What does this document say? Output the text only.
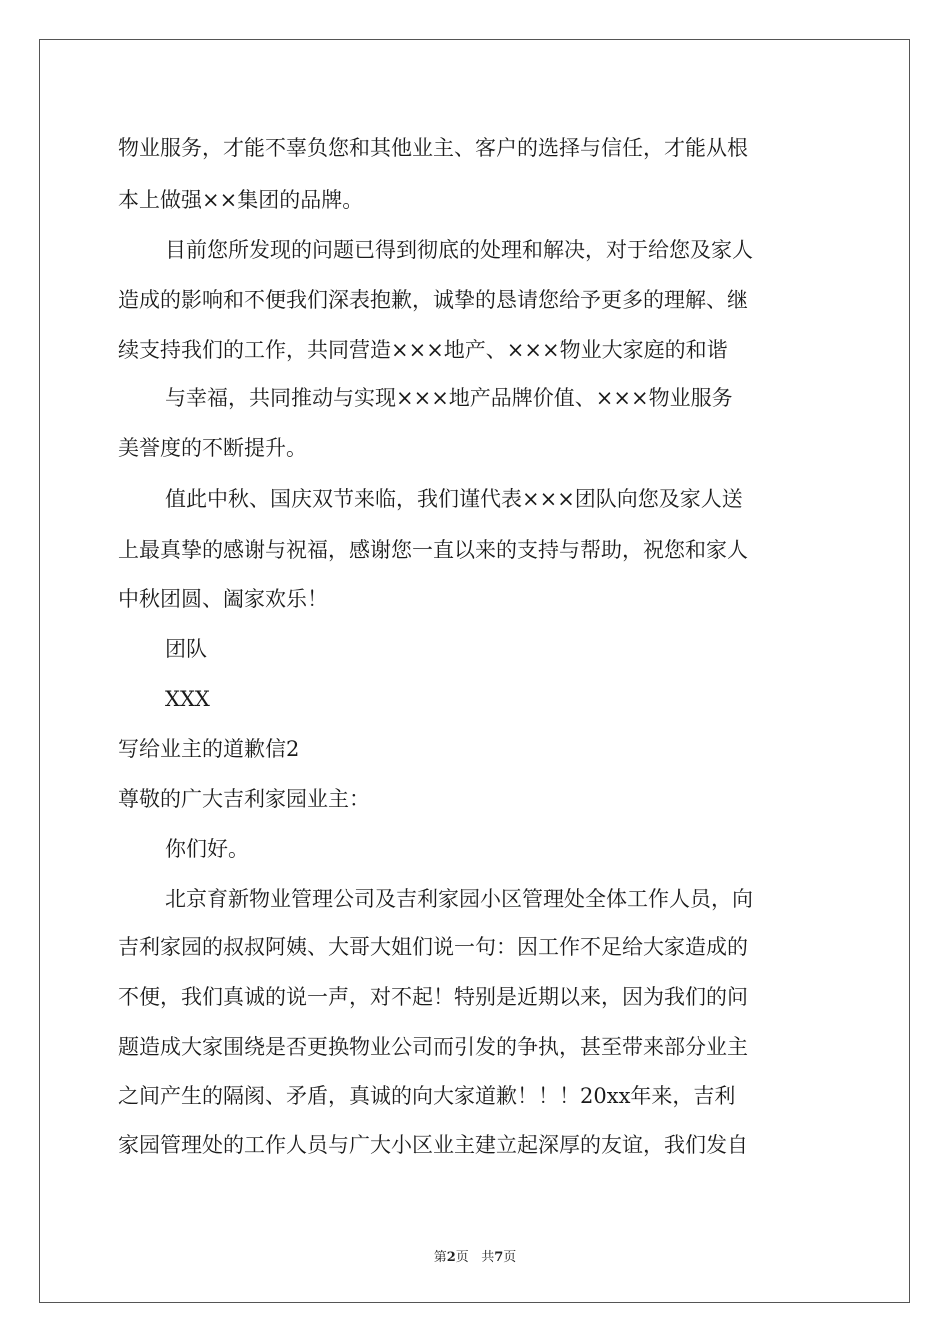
物业服务，才能不辜负您和其他业主、客户的选择与信任，才能从根
本上做强××集团的品牌。
目前您所发现的问题已得到彻底的处理和解决，对于给您及家人
造成的影响和不便我们深表抱歉，诚挚的恳请您给予更多的理解、继
续支持我们的工作，共同营造×××地产、×××物业大家庭的和谐
与幸福，共同推动与实现×××地产品牌价值、×××物业服务
美誉度的不断提升。
值此中秋、国庆双节来临，我们谨代表×××团队向您及家人送
上最真挚的感谢与祝福，感谢您一直以来的支持与帮助，祝您和家人
中秋团圆、阖家欢乐！
团队
XXX
写给业主的道歉信2
尊敬的广大吉利家园业主：
你们好。
北京育新物业管理公司及吉利家园小区管理处全体工作人员，向
吉利家园的叔叔阿姨、大哥大姐们说一句：因工作不足给大家造成的
不便，我们真诚的说一声，对不起！特别是近期以来，因为我们的问
题造成大家围绕是否更换物业公司而引发的争执，甚至带来部分业主
之间产生的隔阂、矛盾，真诚的向大家道歉！！！20xx年来，吉利
家园管理处的工作人员与广大小区业主建立起深厚的友谊，我们发自
第2页   共7页
